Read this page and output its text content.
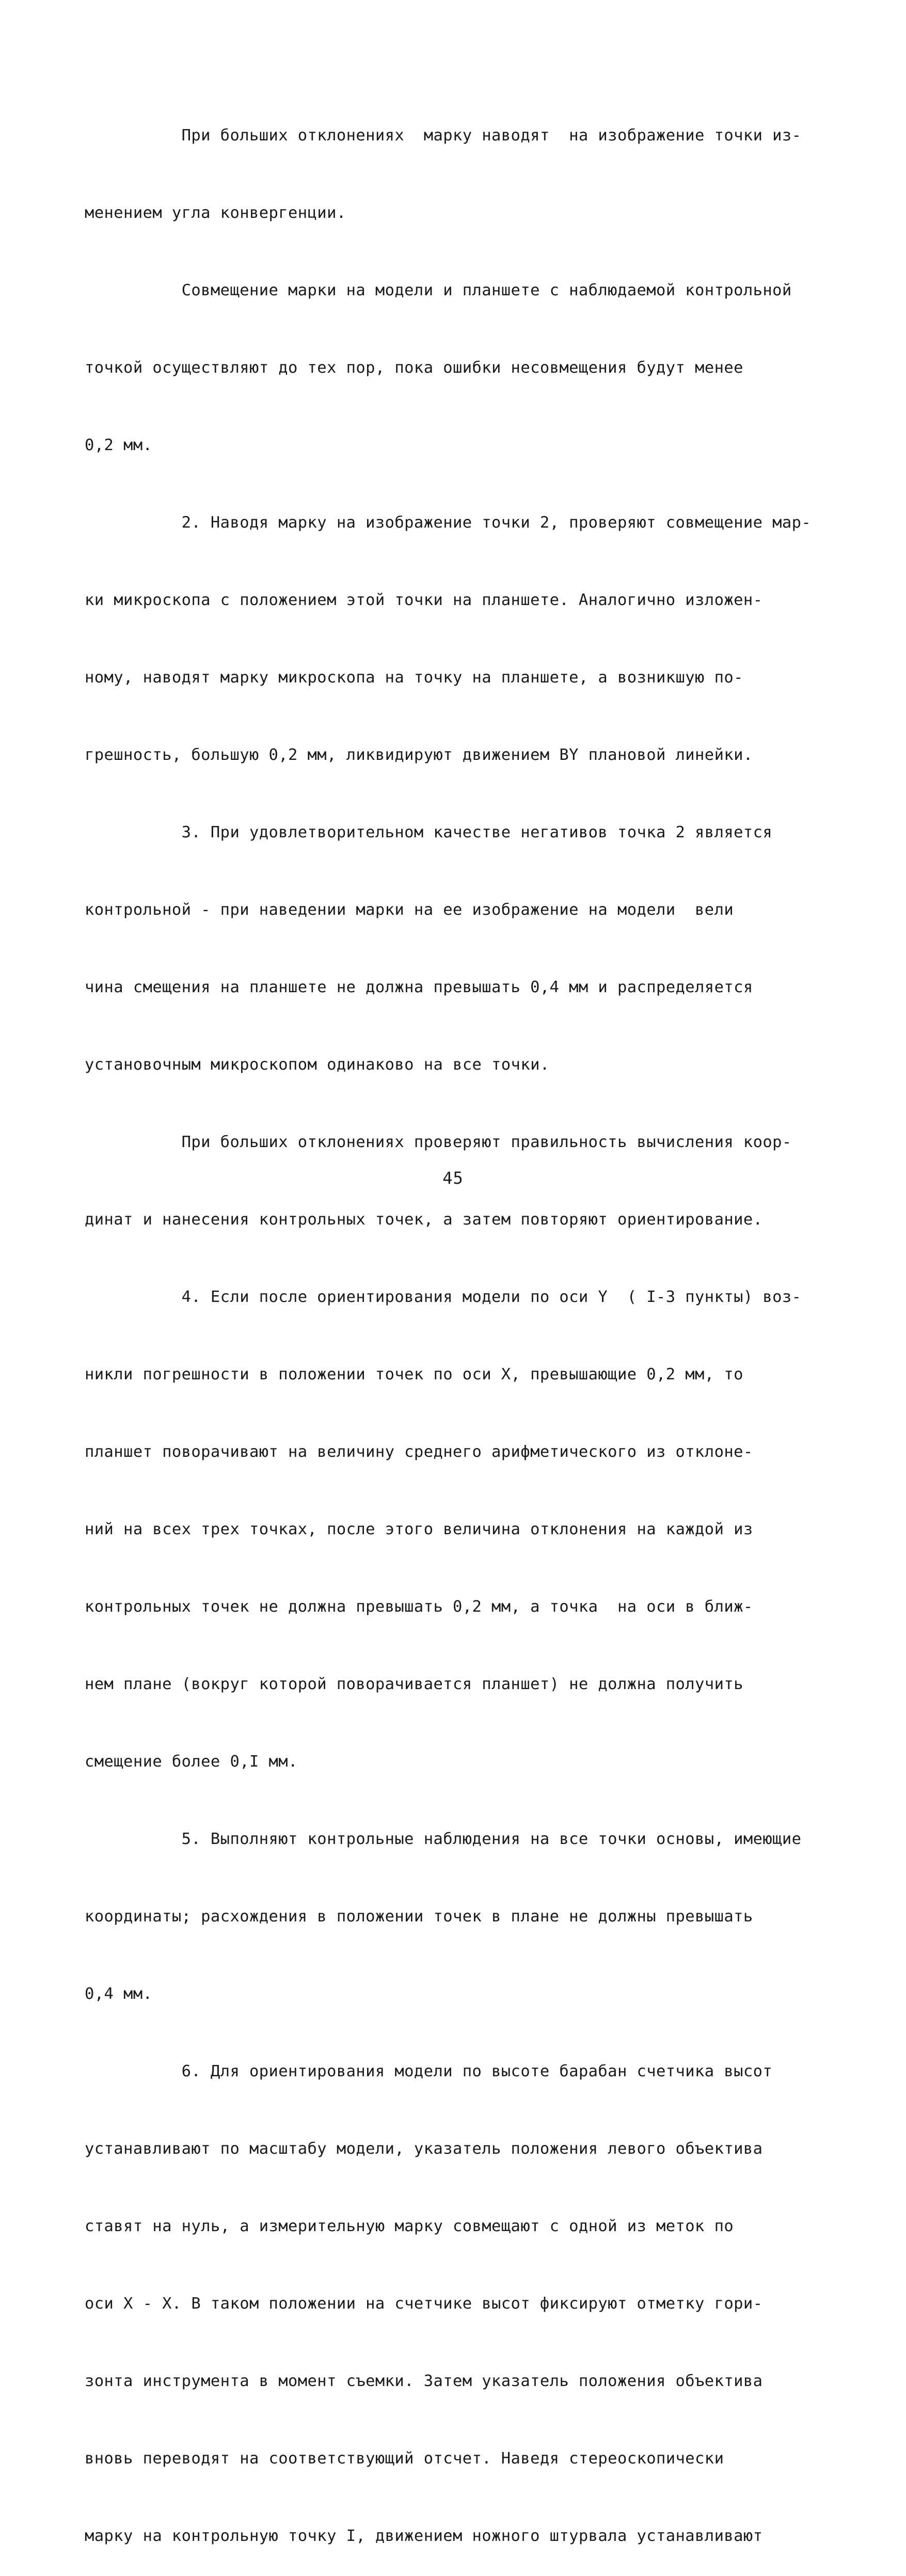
При больших отклонениях  марку наводят  на изображение точки из-

менением угла конвергенции.

Совмещение марки на модели и планшете с наблюдаемой контрольной

точкой осуществляют до тех пор, пока ошибки несовмещения будут менее

0,2 мм.

2. Наводя марку на изображение точки 2, проверяют совмещение мар-

ки микроскопа с положением этой точки на планшете. Аналогично изложен-

ному, наводят марку микроскопа на точку на планшете, а возникшую по-

грешность, большую 0,2 мм, ликвидируют движением BY плановой линейки.

3. При удовлетворительном качестве негативов точка 2 является

контрольной - при наведении марки на ее изображение на модели  вели

чина смещения на планшете не должна превышать 0,4 мм и распределяется

установочным микроскопом одинаково на все точки.

При больших отклонениях проверяют правильность вычисления коор-

динат и нанесения контрольных точек, а затем повторяют ориентирование.

4. Если после ориентирования модели по оси Y  ( I-3 пункты) воз-

никли погрешности в положении точек по оси X, превышающие 0,2 мм, то

планшет поворачивают на величину среднего арифметического из отклоне-

ний на всех трех точках, после этого величина отклонения на каждой из

контрольных точек не должна превышать 0,2 мм, а точка  на оси в ближ-

нем плане (вокруг которой поворачивается планшет) не должна получить

смещение более 0,I мм.

5. Выполняют контрольные наблюдения на все точки основы, имеющие

координаты; расхождения в положении точек в плане не должны превышать

0,4 мм.

6. Для ориентирования модели по высоте барабан счетчика высот

устанавливают по масштабу модели, указатель положения левого объектива

ставят на нуль, а измерительную марку совмещают с одной из меток по

оси X - X. В таком положении на счетчике высот фиксируют отметку гори-

зонта инструмента в момент съемки. Затем указатель положения объектива

вновь переводят на соответствующий отсчет. Наведя стереоскопически

марку на контрольную точку I, движением ножного штурвала устанавливают

45
